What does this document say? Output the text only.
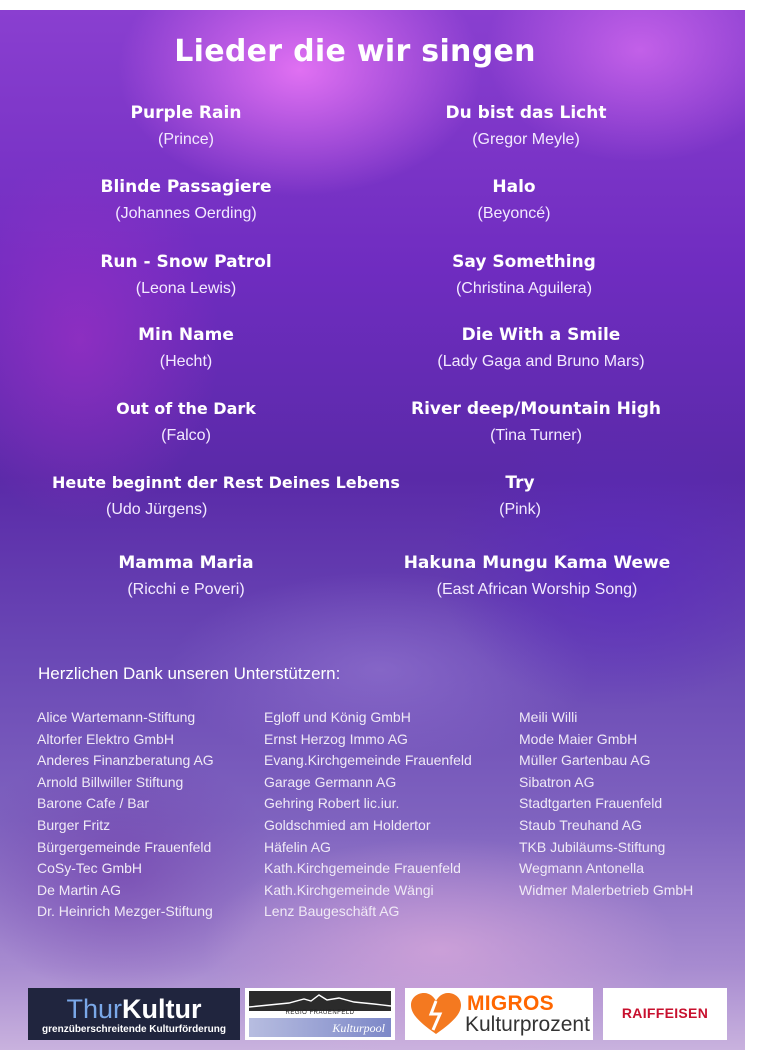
Lieder die wir singen
Purple Rain
(Prince)
Blinde Passagiere
(Johannes Oerding)
Run - Snow Patrol
(Leona Lewis)
Min Name
(Hecht)
Out of the Dark
(Falco)
Heute beginnt der Rest Deines Lebens
(Udo Jürgens)
Mamma Maria
(Ricchi e Poveri)
Du bist das Licht
(Gregor Meyle)
Halo
(Beyoncé)
Say Something
(Christina Aguilera)
Die With a Smile
(Lady Gaga and Bruno Mars)
River deep/Mountain High
(Tina Turner)
Try
(Pink)
Hakuna Mungu Kama Wewe
(East African Worship Song)
Herzlichen Dank unseren Unterstützern:
Alice Wartemann-Stiftung
Altorfer Elektro GmbH
Anderes Finanzberatung AG
Arnold Billwiller Stiftung
Barone Cafe / Bar
Burger Fritz
Bürgergemeinde Frauenfeld
CoSy-Tec GmbH
De Martin AG
Dr. Heinrich Mezger-Stiftung
Egloff und König GmbH
Ernst Herzog Immo AG
Evang.Kirchgemeinde Frauenfeld
Garage Germann AG
Gehring Robert lic.iur.
Goldschmied am Holdertor
Häfelin AG
Kath.Kirchgemeinde Frauenfeld
Kath.Kirchgemeinde Wängi
Lenz Baugeschäft AG
Meili Willi
Mode Maier GmbH
Müller Gartenbau AG
Sibatron AG
Stadtgarten Frauenfeld
Staub Treuhand AG
TKB Jubiläums-Stiftung
Wegmann Antonella
Widmer Malerbetrieb GmbH
ThurKultur
grenzüberschreitende Kulturförderung
REGIO FRAUENFELD
Kulturpool
MIGROS
Kulturprozent	RAIFFEISEN
